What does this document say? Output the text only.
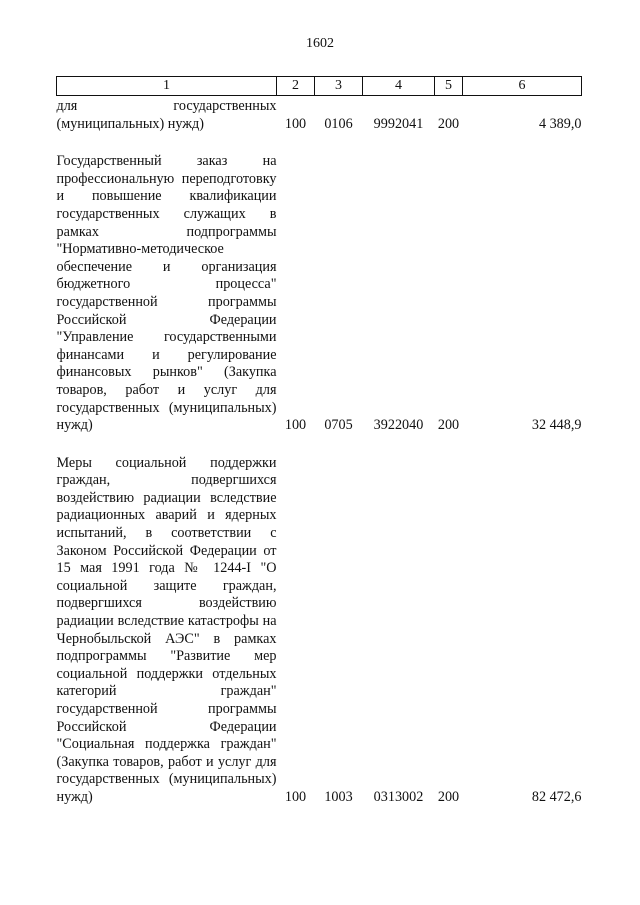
1602
1	2	3	4	5	6
для государственных (муниципальных) нужд)	100	0106	9992041	200	4 389,0
Государственный заказ на профессиональную переподготовку и повышение квалификации государственных служащих в рамках подпрограммы "Нормативно-методическое обеспечение и организация бюджетного процесса" государственной программы Российской Федерации "Управление государственными финансами и регулирование финансовых рынков" (Закупка товаров, работ и услуг для государственных (муниципальных) нужд)	100	0705	3922040	200	32 448,9
Меры социальной поддержки граждан, подвергшихся воздействию радиации вследствие радиационных аварий и ядерных испытаний, в соответствии с Законом Российской Федерации от 15 мая 1991 года № 1244-I "О социальной защите граждан, подвергшихся воздействию радиации вследствие катастрофы на Чернобыльской АЭС" в рамках подпрограммы "Развитие мер социальной поддержки отдельных категорий граждан" государственной программы Российской Федерации "Социальная поддержка граждан" (Закупка товаров, работ и услуг для государственных (муниципальных) нужд)	100	1003	0313002	200	82 472,6
